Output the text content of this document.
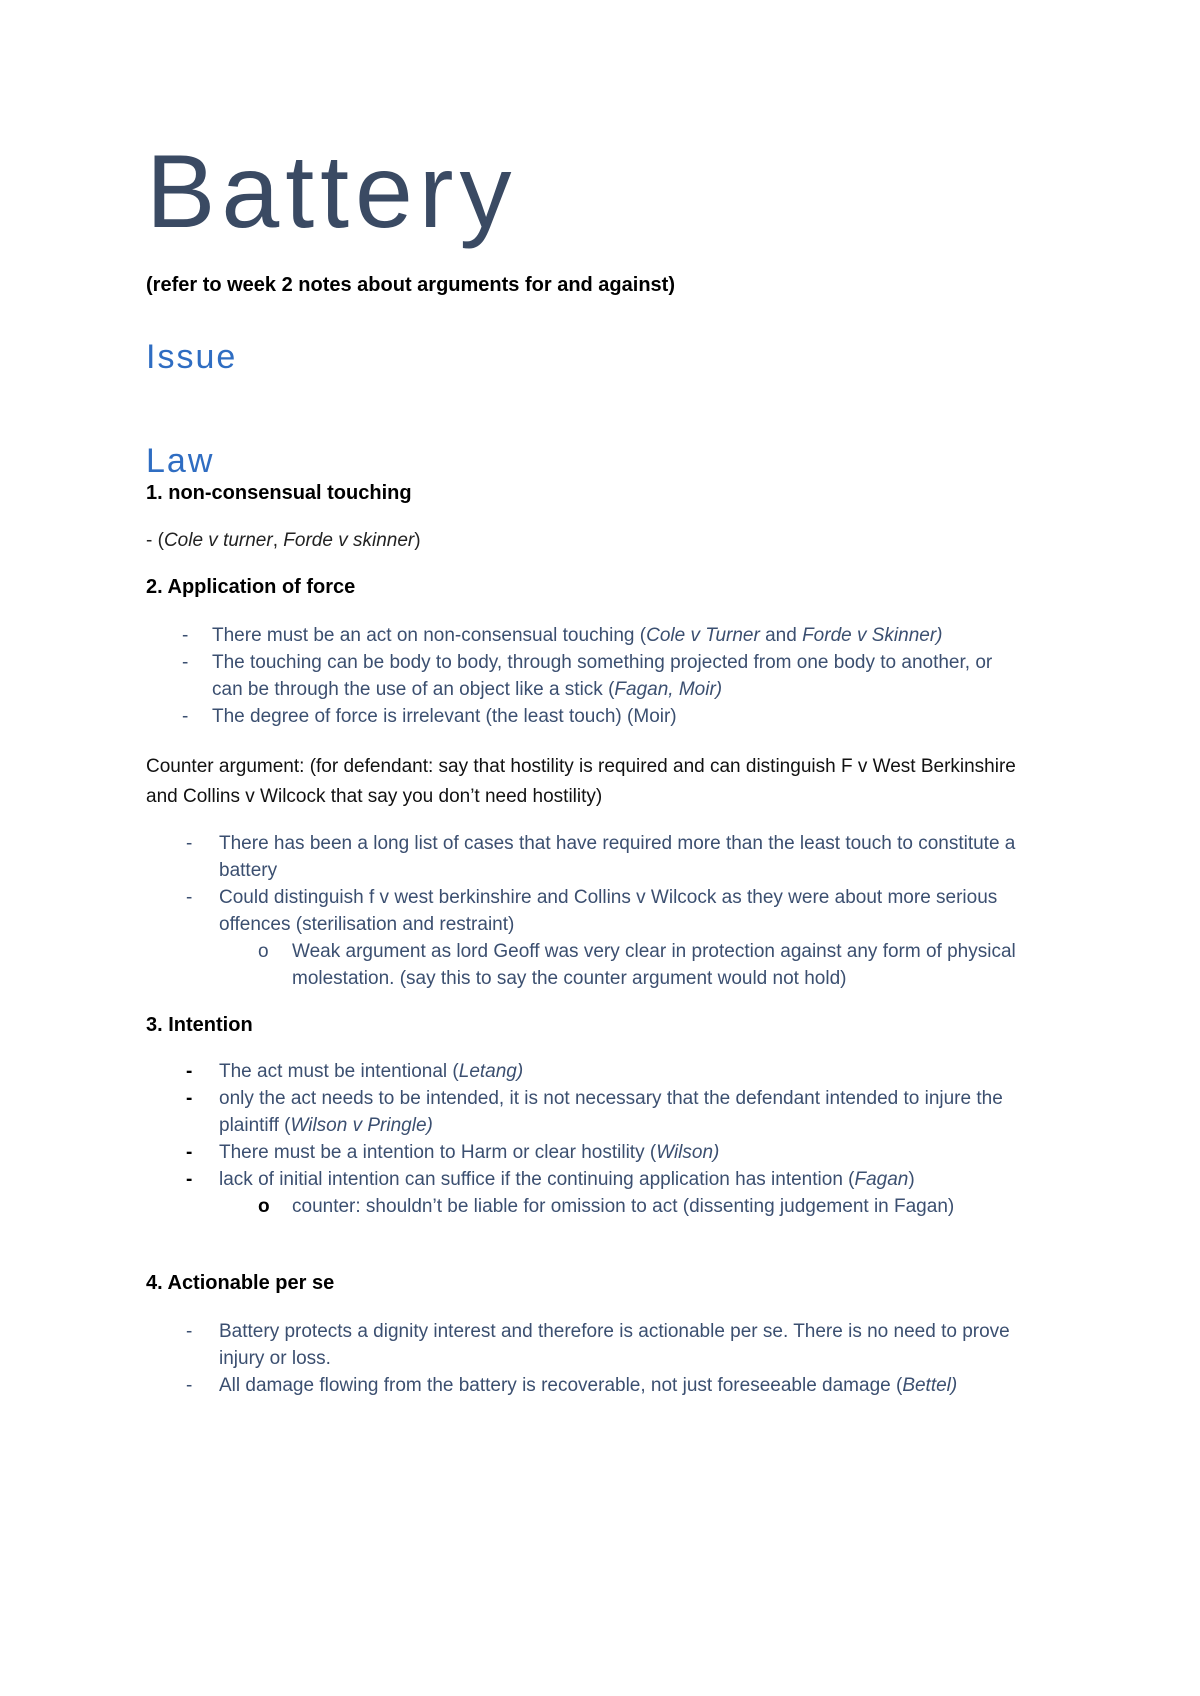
Battery
(refer to week 2 notes about arguments for and against)
Issue
Law
1. non-consensual touching
- (Cole v turner, Forde v skinner)
2. Application of force
- There must be an act on non-consensual touching (Cole v Turner and Forde v Skinner)
- The touching can be body to body, through something projected from one body to another, or
can be through the use of an object like a stick (Fagan, Moir)
- The degree of force is irrelevant (the least touch) (Moir)
Counter argument: (for defendant: say that hostility is required and can distinguish F v West Berkinshire
and Collins v Wilcock that say you don’t need hostility)
- There has been a long list of cases that have required more than the least touch to constitute a
battery
- Could distinguish f v west berkinshire and Collins v Wilcock as they were about more serious
offences (sterilisation and restraint)
o Weak argument as lord Geoff was very clear in protection against any form of physical
molestation. (say this to say the counter argument would not hold)
3. Intention
- The act must be intentional (Letang)
- only the act needs to be intended, it is not necessary that the defendant intended to injure the
plaintiff (Wilson v Pringle)
- There must be a intention to Harm or clear hostility (Wilson)
- lack of initial intention can suffice if the continuing application has intention (Fagan)
o counter: shouldn’t be liable for omission to act (dissenting judgement in Fagan)
4. Actionable per se
- Battery protects a dignity interest and therefore is actionable per se. There is no need to prove
injury or loss.
- All damage flowing from the battery is recoverable, not just foreseeable damage (Bettel)
